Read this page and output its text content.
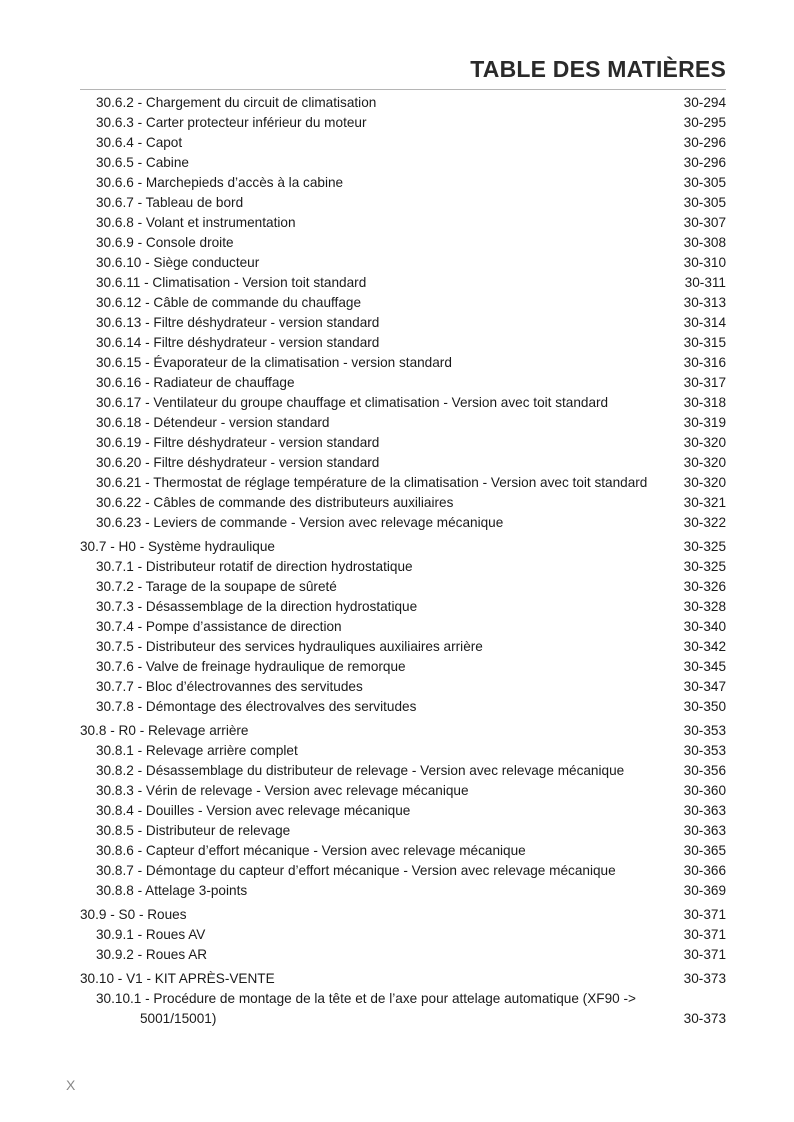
TABLE DES MATIÈRES
30.6.2 - Chargement du circuit de climatisation	30-294
30.6.3 - Carter protecteur inférieur du moteur	30-295
30.6.4 - Capot	30-296
30.6.5 - Cabine	30-296
30.6.6 - Marchepieds d’accès à la cabine	30-305
30.6.7 - Tableau de bord	30-305
30.6.8 - Volant et instrumentation	30-307
30.6.9 - Console droite	30-308
30.6.10 - Siège conducteur	30-310
30.6.11 - Climatisation - Version toit standard	30-311
30.6.12 - Câble de commande du chauffage	30-313
30.6.13 - Filtre déshydrateur - version standard	30-314
30.6.14 - Filtre déshydrateur - version standard	30-315
30.6.15 - Évaporateur de la climatisation - version standard	30-316
30.6.16 - Radiateur de chauffage	30-317
30.6.17 - Ventilateur du groupe chauffage et climatisation - Version avec toit standard	30-318
30.6.18 - Détendeur - version standard	30-319
30.6.19 - Filtre déshydrateur - version standard	30-320
30.6.20 - Filtre déshydrateur - version standard	30-320
30.6.21 - Thermostat de réglage température de la climatisation - Version avec toit standard	30-320
30.6.22 - Câbles de commande des distributeurs auxiliaires	30-321
30.6.23 - Leviers de commande - Version avec relevage mécanique	30-322
30.7 - H0 - Système hydraulique	30-325
30.7.1 - Distributeur rotatif de direction hydrostatique	30-325
30.7.2 - Tarage de la soupape de sûreté	30-326
30.7.3 - Désassemblage de la direction hydrostatique	30-328
30.7.4 - Pompe d’assistance de direction	30-340
30.7.5 - Distributeur des services hydrauliques auxiliaires arrière	30-342
30.7.6 - Valve de freinage hydraulique de remorque	30-345
30.7.7 - Bloc d’électrovannes des servitudes	30-347
30.7.8 - Démontage des électrovalves des servitudes	30-350
30.8 - R0 - Relevage arrière	30-353
30.8.1 - Relevage arrière complet	30-353
30.8.2 - Désassemblage du distributeur de relevage - Version avec relevage mécanique	30-356
30.8.3 - Vérin de relevage - Version avec relevage mécanique	30-360
30.8.4 - Douilles - Version avec relevage mécanique	30-363
30.8.5 - Distributeur de relevage	30-363
30.8.6 - Capteur d’effort mécanique - Version avec relevage mécanique	30-365
30.8.7 - Démontage du capteur d’effort mécanique - Version avec relevage mécanique	30-366
30.8.8 - Attelage 3-points	30-369
30.9 - S0 - Roues	30-371
30.9.1 - Roues AV	30-371
30.9.2 - Roues AR	30-371
30.10 - V1 - KIT APRÈS-VENTE	30-373
30.10.1 - Procédure de montage de la tête et de l’axe pour attelage automatique (XF90 ->
5001/15001)	30-373
X
